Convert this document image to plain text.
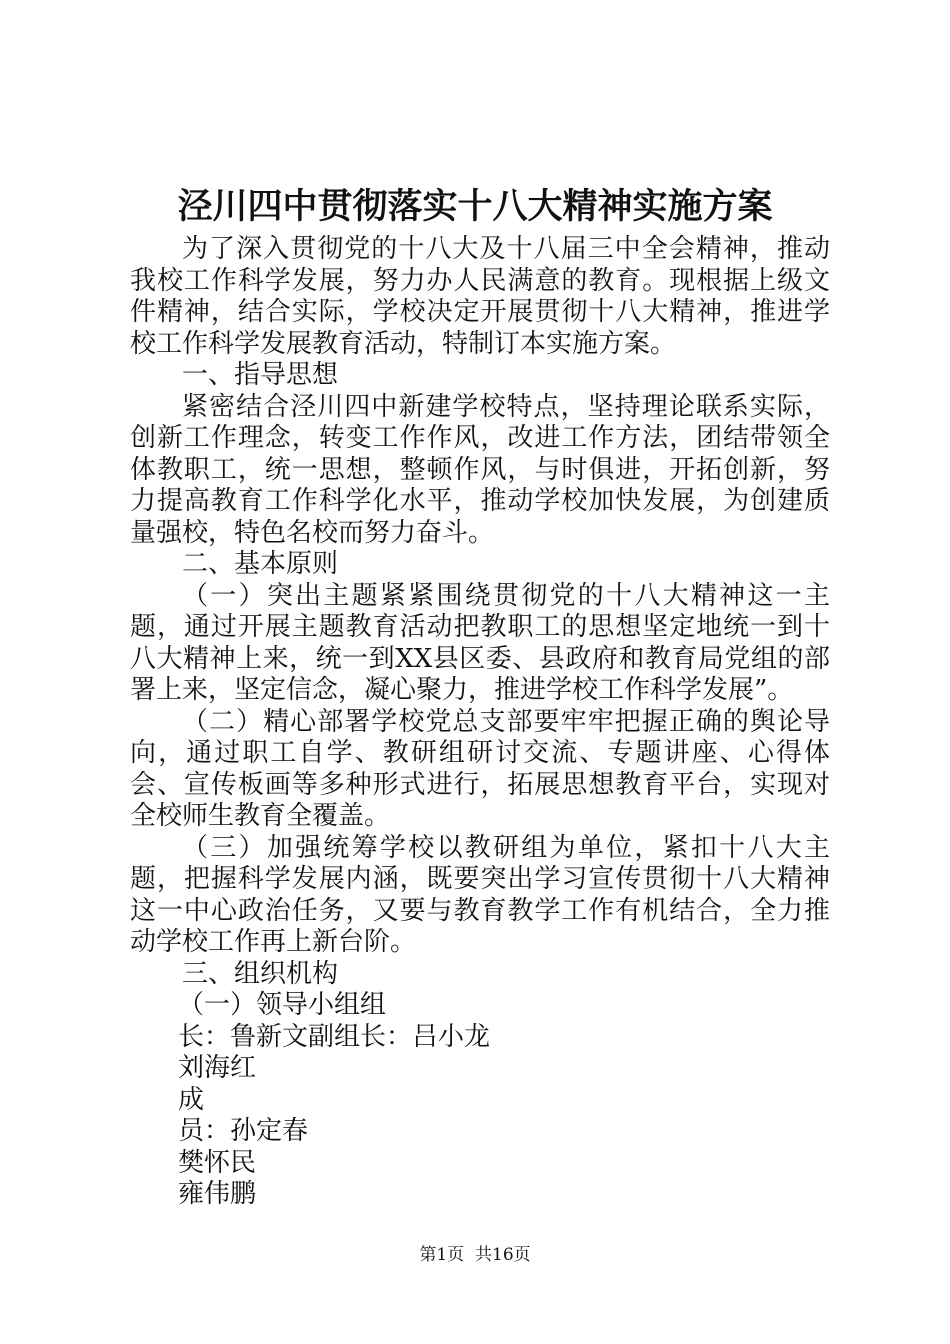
泾川四中贯彻落实十八大精神实施方案

为了深入贯彻党的十八大及十八届三中全会精神，推动我校工作科学发展，努力办人民满意的教育。现根据上级文件精神，结合实际，学校决定开展贯彻十八大精神，推进学校工作科学发展教育活动，特制订本实施方案。

一、指导思想

紧密结合泾川四中新建学校特点，坚持理论联系实际，创新工作理念，转变工作作风，改进工作方法，团结带领全体教职工，统一思想，整顿作风，与时俱进，开拓创新，努力提高教育工作科学化水平，推动学校加快发展，为创建质量强校，特色名校而努力奋斗。

二、基本原则

（一）突出主题紧紧围绕贯彻党的十八大精神这一主题，通过开展主题教育活动把教职工的思想坚定地统一到十八大精神上来，统一到XX县区委、县政府和教育局党组的部署上来，坚定信念，凝心聚力，推进学校工作科学发展”。

（二）精心部署学校党总支部要牢牢把握正确的舆论导向，通过职工自学、教研组研讨交流、专题讲座、心得体会、宣传板画等多种形式进行，拓展思想教育平台，实现对全校师生教育全覆盖。

（三）加强统筹学校以教研组为单位，紧扣十八大主题，把握科学发展内涵，既要突出学习宣传贯彻十八大精神这一中心政治任务，又要与教育教学工作有机结合，全力推动学校工作再上新台阶。

三、组织机构

（一）领导小组组

长：鲁新文副组长：吕小龙

刘海红

成

员：孙定春

樊怀民

雍伟鹏

第1页 共16页
